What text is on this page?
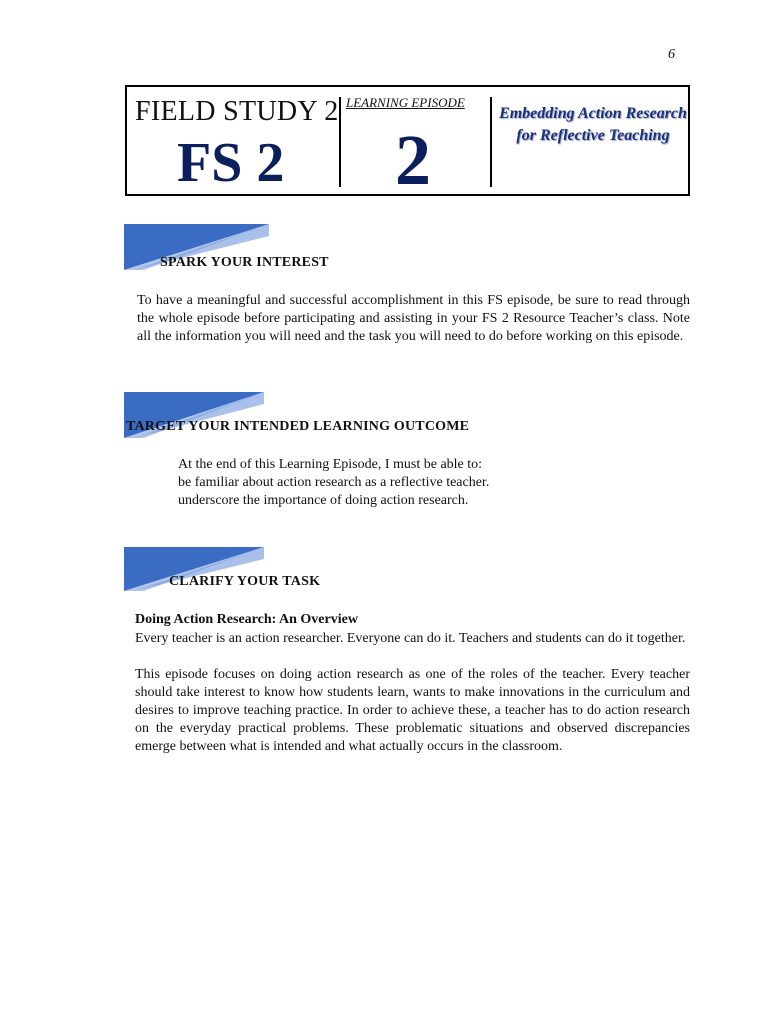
6
FIELD STUDY 2
FS 2
LEARNING EPISODE
2
Embedding Action Research for Reflective Teaching
SPARK YOUR INTEREST
To have a meaningful and successful accomplishment in this FS episode, be sure to read through the whole episode before participating and assisting in your FS 2 Resource Teacher’s class. Note all the information you will need and the task you will need to do before working on this episode.
TARGET YOUR INTENDED LEARNING OUTCOME
At the end of this Learning Episode, I must be able to:
be familiar about action research as a reflective teacher.
underscore the importance of doing action research.
CLARIFY YOUR TASK
Doing Action Research: An Overview
Every teacher is an action researcher. Everyone can do it. Teachers and students can do it together.
This episode focuses on doing action research as one of the roles of the teacher. Every teacher should take interest to know how students learn, wants to make innovations in the curriculum and desires to improve teaching practice. In order to achieve these, a teacher has to do action research on the everyday practical problems. These problematic situations and observed discrepancies emerge between what is intended and what actually occurs in the classroom.
